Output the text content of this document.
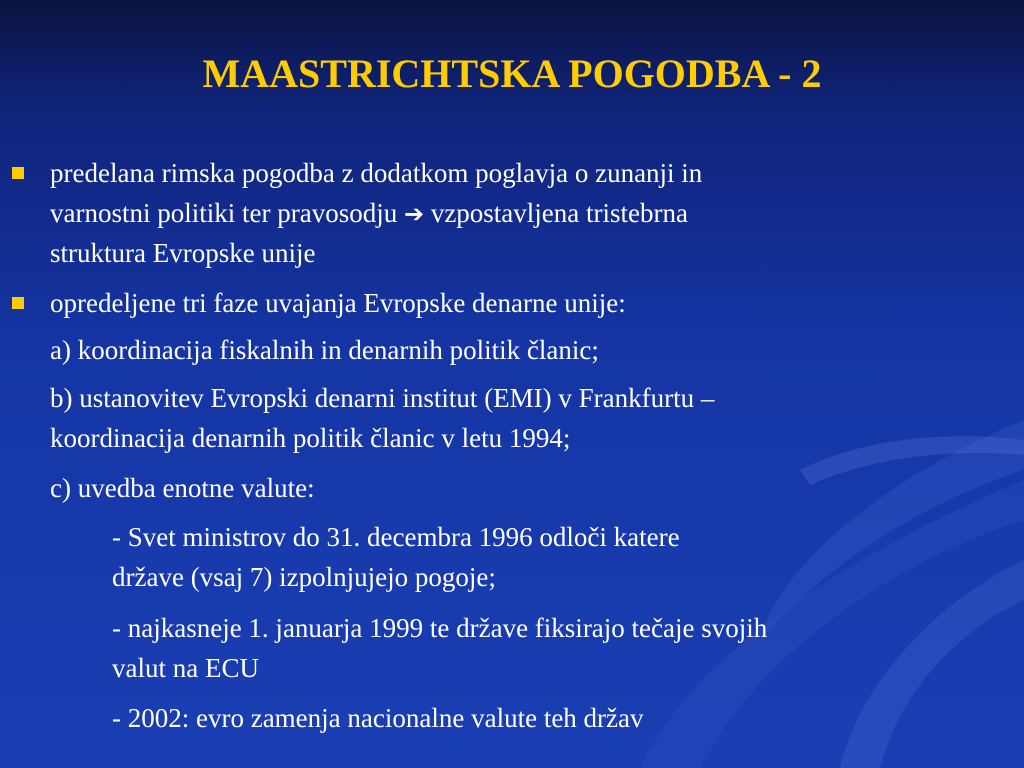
MAASTRICHTSKA POGODBA - 2
predelana rimska pogodba z dodatkom poglavja o zunanji in
varnostni politiki ter pravosodju ➔ vzpostavljena tristebrna
struktura Evropske unije
opredeljene tri faze uvajanja Evropske denarne unije:
a) koordinacija fiskalnih in denarnih politik članic;
b) ustanovitev Evropski denarni institut (EMI) v Frankfurtu –
koordinacija denarnih politik članic v letu 1994;
c) uvedba enotne valute:
- Svet ministrov do 31. decembra 1996 odloči katere
države (vsaj 7) izpolnjujejo pogoje;
- najkasneje 1. januarja 1999 te države fiksirajo tečaje svojih
valut na ECU
- 2002: evro zamenja nacionalne valute teh držav
